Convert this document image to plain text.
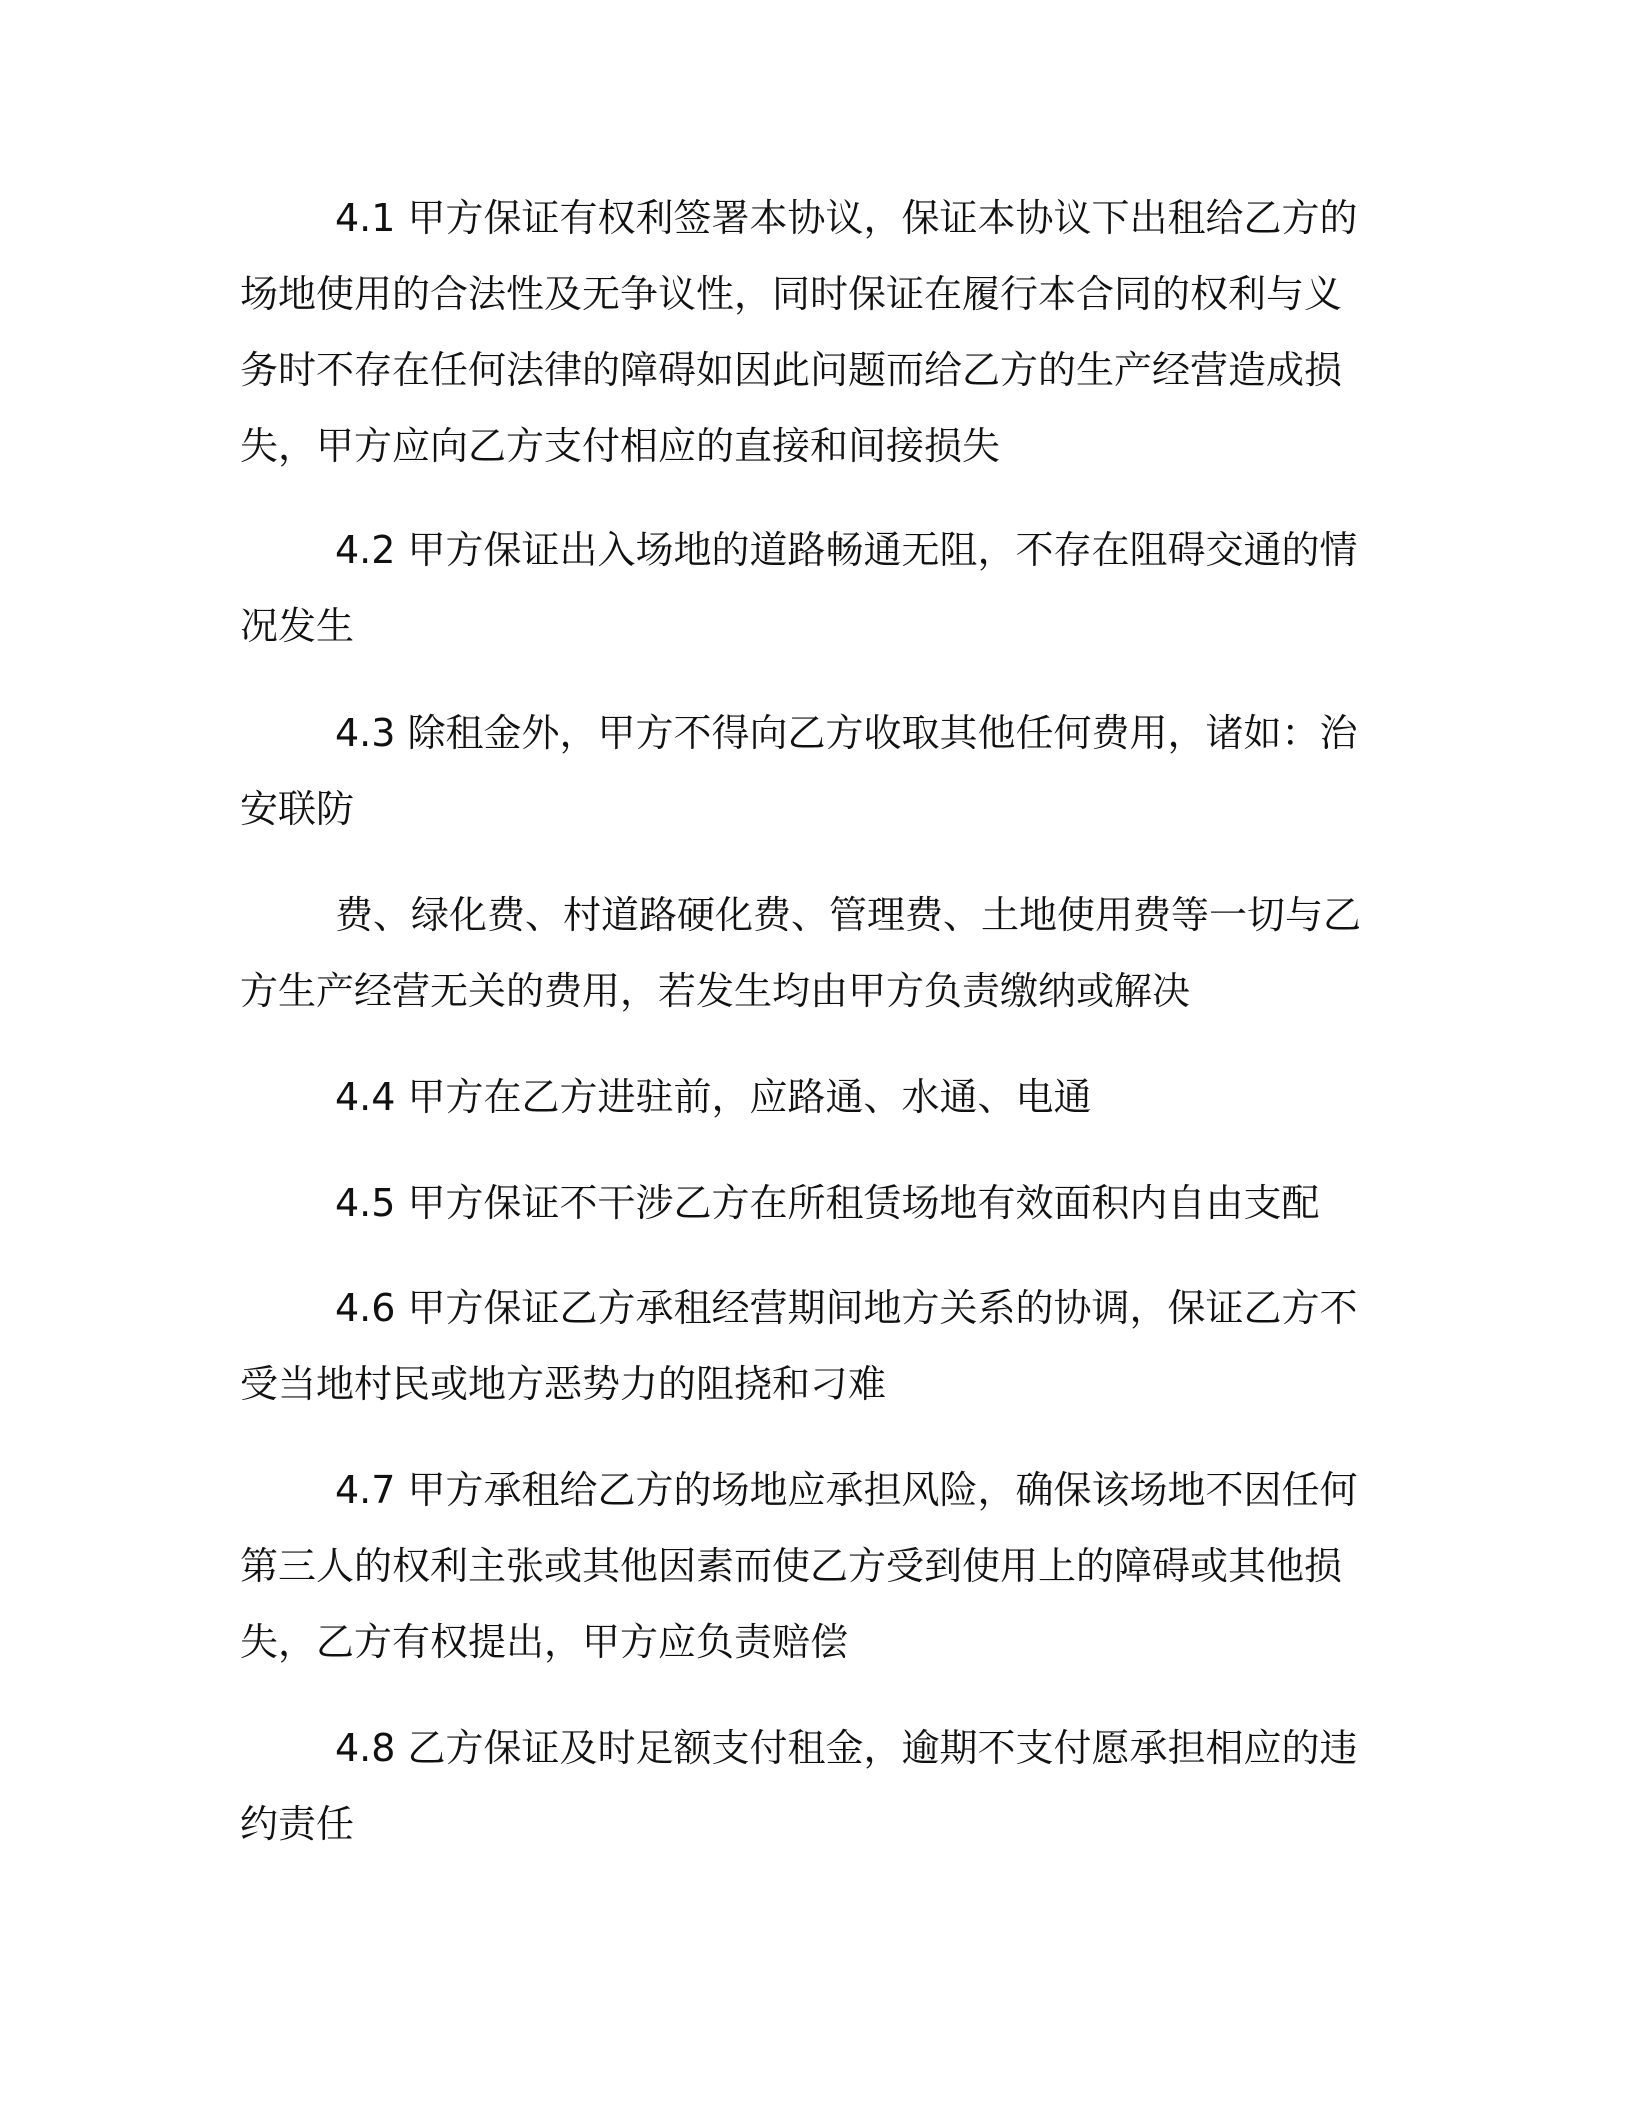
4.1 甲方保证有权利签署本协议，保证本协议下出租给乙方的场地使用的合法性及无争议性，同时保证在履行本合同的权利与义务时不存在任何法律的障碍如因此问题而给乙方的生产经营造成损失，甲方应向乙方支付相应的直接和间接损失

4.2 甲方保证出入场地的道路畅通无阻，不存在阻碍交通的情况发生

4.3 除租金外，甲方不得向乙方收取其他任何费用，诸如：治安联防

费、绿化费、村道路硬化费、管理费、土地使用费等一切与乙方生产经营无关的费用，若发生均由甲方负责缴纳或解决

4.4 甲方在乙方进驻前，应路通、水通、电通

4.5 甲方保证不干涉乙方在所租赁场地有效面积内自由支配

4.6 甲方保证乙方承租经营期间地方关系的协调，保证乙方不受当地村民或地方恶势力的阻挠和刁难

4.7 甲方承租给乙方的场地应承担风险，确保该场地不因任何第三人的权利主张或其他因素而使乙方受到使用上的障碍或其他损失，乙方有权提出，甲方应负责赔偿

4.8 乙方保证及时足额支付租金，逾期不支付愿承担相应的违约责任
